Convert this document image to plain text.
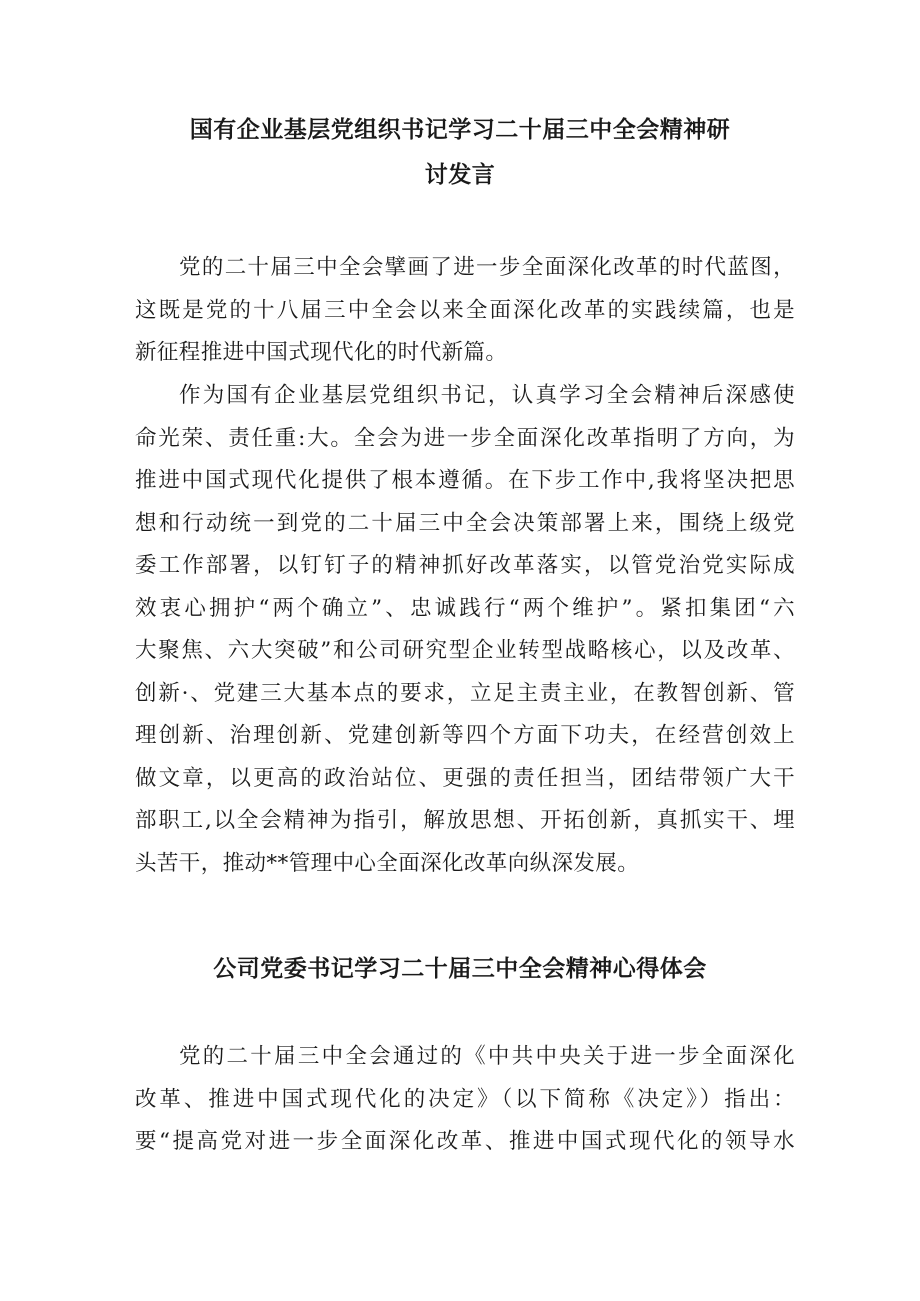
国有企业基层党组织书记学习二十届三中全会精神研
讨发言

党的二十届三中全会擘画了进一步全面深化改革的时代蓝图，
这既是党的十八届三中全会以来全面深化改革的实践续篇，也是
新征程推进中国式现代化的时代新篇。

作为国有企业基层党组织书记，认真学习全会精神后深感使
命光荣、责任重:大。全会为进一步全面深化改革指明了方向，为
推进中国式现代化提供了根本遵循。在下步工作中,我将坚决把思
想和行动统一到党的二十届三中全会决策部署上来，围绕上级党
委工作部署，以钉钉子的精神抓好改革落实，以管党治党实际成
效衷心拥护“两个确立”、忠诚践行“两个维护”。紧扣集团“六
大聚焦、六大突破”和公司研究型企业转型战略核心，以及改革、
创新·、党建三大基本点的要求，立足主责主业，在教智创新、管
理创新、治理创新、党建创新等四个方面下功夫，在经营创效上
做文章，以更高的政治站位、更强的责任担当，团结带领广大干
部职工,以全会精神为指引，解放思想、开拓创新，真抓实干、埋
头苦干，推动**管理中心全面深化改革向纵深发展。

公司党委书记学习二十届三中全会精神心得体会

党的二十届三中全会通过的《中共中央关于进一步全面深化
改革、推进中国式现代化的决定》（以下简称《决定》）指出：
要“提高党对进一步全面深化改革、推进中国式现代化的领导水
